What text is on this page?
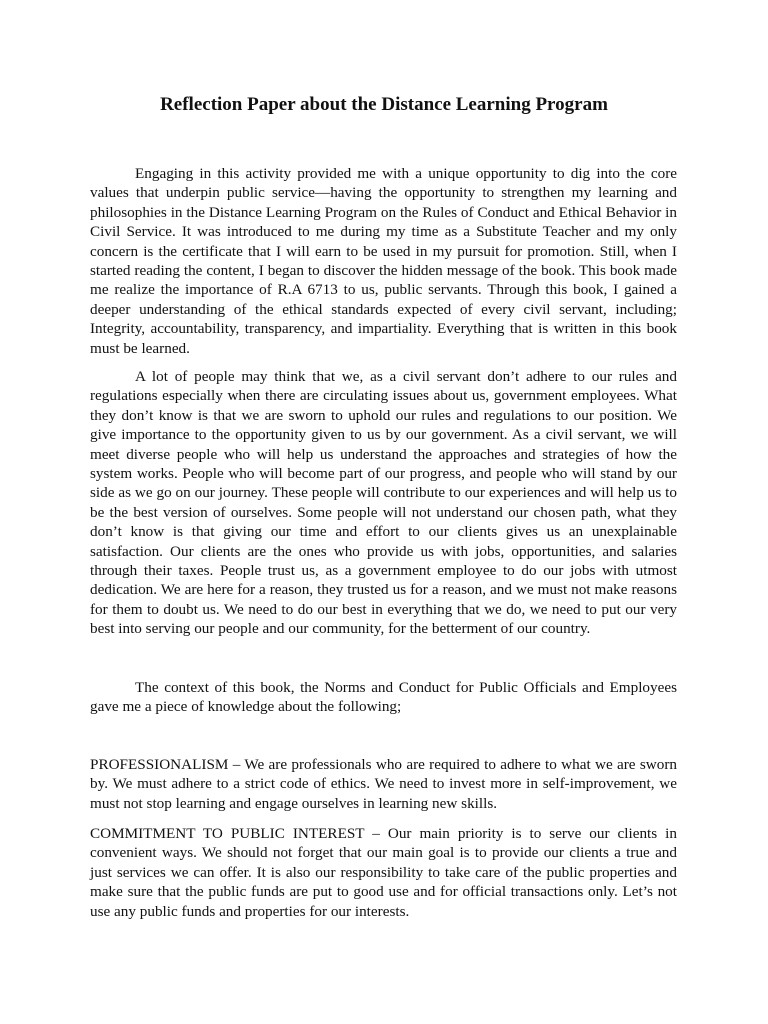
Reflection Paper about the Distance Learning Program

Engaging in this activity provided me with a unique opportunity to dig into the core values that underpin public service—having the opportunity to strengthen my learning and philosophies in the Distance Learning Program on the Rules of Conduct and Ethical Behavior in Civil Service. It was introduced to me during my time as a Substitute Teacher and my only concern is the certificate that I will earn to be used in my pursuit for promotion. Still, when I started reading the content, I began to discover the hidden message of the book. This book made me realize the importance of R.A 6713 to us, public servants. Through this book, I gained a deeper understanding of the ethical standards expected of every civil servant, including; Integrity, accountability, transparency, and impartiality. Everything that is written in this book must be learned.

A lot of people may think that we, as a civil servant don’t adhere to our rules and regulations especially when there are circulating issues about us, government employees. What they don’t know is that we are sworn to uphold our rules and regulations to our position. We give importance to the opportunity given to us by our government. As a civil servant, we will meet diverse people who will help us understand the approaches and strategies of how the system works. People who will become part of our progress, and people who will stand by our side as we go on our journey. These people will contribute to our experiences and will help us to be the best version of ourselves. Some people will not understand our chosen path, what they don’t know is that giving our time and effort to our clients gives us an unexplainable satisfaction. Our clients are the ones who provide us with jobs, opportunities, and salaries through their taxes. People trust us, as a government employee to do our jobs with utmost dedication. We are here for a reason, they trusted us for a reason, and we must not make reasons for them to doubt us. We need to do our best in everything that we do, we need to put our very best into serving our people and our community, for the betterment of our country.

The context of this book, the Norms and Conduct for Public Officials and Employees gave me a piece of knowledge about the following;

PROFESSIONALISM – We are professionals who are required to adhere to what we are sworn by. We must adhere to a strict code of ethics. We need to invest more in self-improvement, we must not stop learning and engage ourselves in learning new skills.

COMMITMENT TO PUBLIC INTEREST – Our main priority is to serve our clients in convenient ways. We should not forget that our main goal is to provide our clients a true and just services we can offer. It is also our responsibility to take care of the public properties and make sure that the public funds are put to good use and for official transactions only. Let’s not use any public funds and properties for our interests.
